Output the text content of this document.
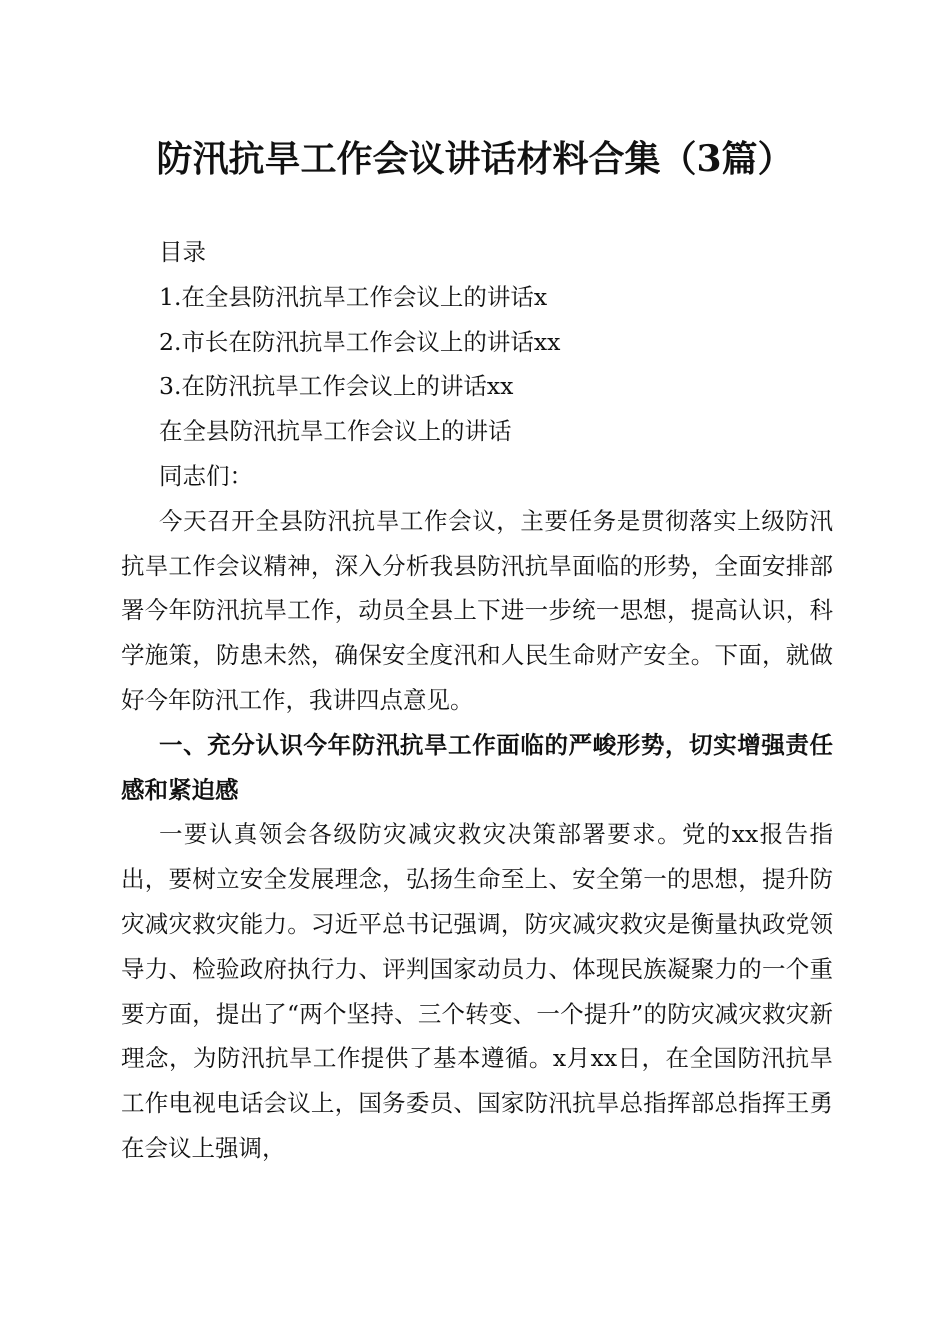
防汛抗旱工作会议讲话材料合集（3篇）
目录
1.在全县防汛抗旱工作会议上的讲话x
2.市长在防汛抗旱工作会议上的讲话xx
3.在防汛抗旱工作会议上的讲话xx
在全县防汛抗旱工作会议上的讲话
同志们：

今天召开全县防汛抗旱工作会议，主要任务是贯彻落实上级防汛抗旱工作会议精神，深入分析我县防汛抗旱面临的形势，全面安排部署今年防汛抗旱工作，动员全县上下进一步统一思想，提高认识，科学施策，防患未然，确保安全度汛和人民生命财产安全。下面，就做好今年防汛工作，我讲四点意见。

一、充分认识今年防汛抗旱工作面临的严峻形势，切实增强责任感和紧迫感

一要认真领会各级防灾减灾救灾决策部署要求。党的xx报告指出，要树立安全发展理念，弘扬生命至上、安全第一的思想，提升防灾减灾救灾能力。习近平总书记强调，防灾减灾救灾是衡量执政党领导力、检验政府执行力、评判国家动员力、体现民族凝聚力的一个重要方面，提出了“两个坚持、三个转变、一个提升”的防灾减灾救灾新理念，为防汛抗旱工作提供了基本遵循。x月xx日，在全国防汛抗旱工作电视电话会议上，国务委员、国家防汛抗旱总指挥部总指挥王勇在会议上强调，
